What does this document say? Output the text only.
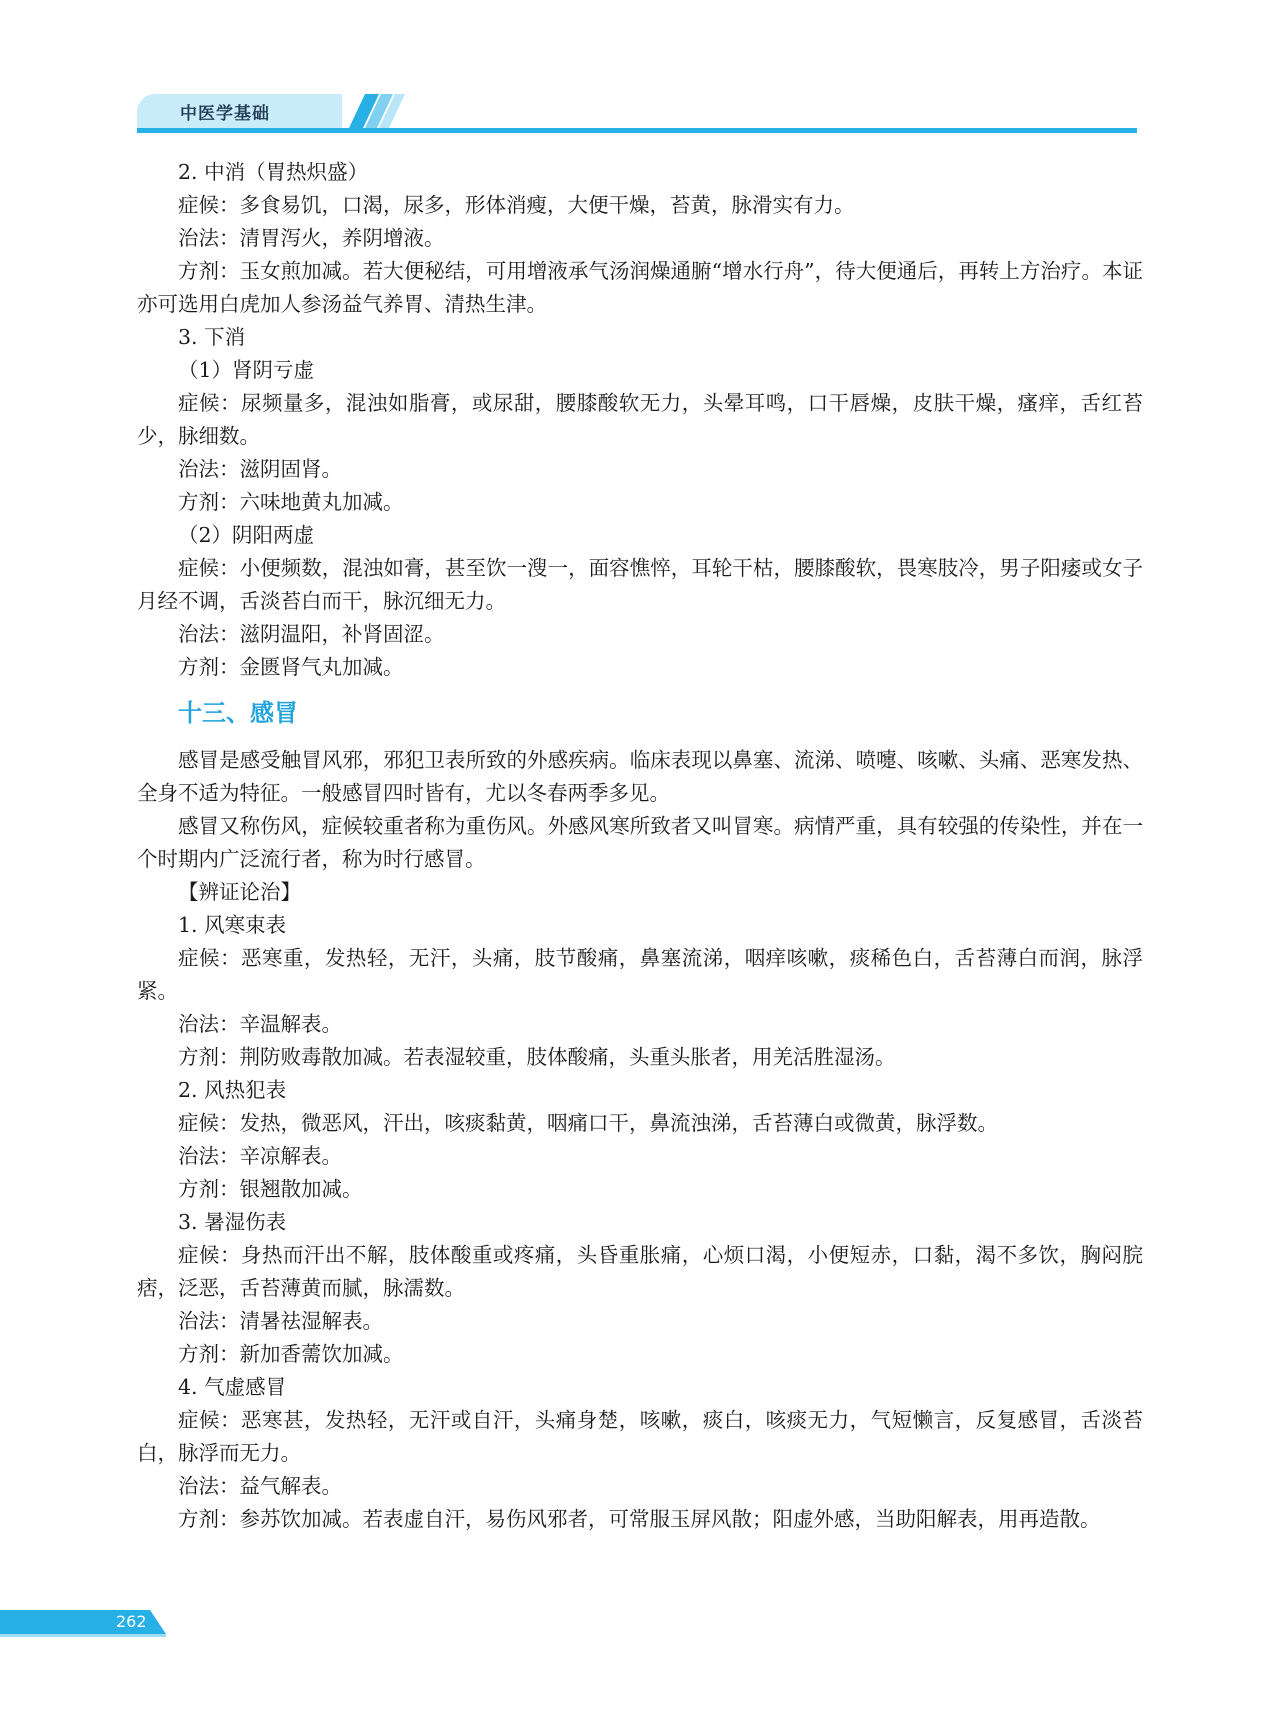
中医学基础

2. 中消（胃热炽盛）

症候：多食易饥，口渴，尿多，形体消瘦，大便干燥，苔黄，脉滑实有力。

治法：清胃泻火，养阴增液。

方剂：玉女煎加减。若大便秘结，可用增液承气汤润燥通腑“增水行舟”，待大便通后，再转上方治疗。本证亦可选用白虎加人参汤益气养胃、清热生津。

3. 下消

（1）肾阴亏虚

症候：尿频量多，混浊如脂膏，或尿甜，腰膝酸软无力，头晕耳鸣，口干唇燥，皮肤干燥，瘙痒，舌红苔少，脉细数。

治法：滋阴固肾。

方剂：六味地黄丸加减。

（2）阴阳两虚

症候：小便频数，混浊如膏，甚至饮一溲一，面容憔悴，耳轮干枯，腰膝酸软，畏寒肢冷，男子阳痿或女子月经不调，舌淡苔白而干，脉沉细无力。

治法：滋阴温阳，补肾固涩。

方剂：金匮肾气丸加减。

十三、感冒

感冒是感受触冒风邪，邪犯卫表所致的外感疾病。临床表现以鼻塞、流涕、喷嚏、咳嗽、头痛、恶寒发热、全身不适为特征。一般感冒四时皆有，尤以冬春两季多见。

感冒又称伤风，症候较重者称为重伤风。外感风寒所致者又叫冒寒。病情严重，具有较强的传染性，并在一个时期内广泛流行者，称为时行感冒。

【辨证论治】

1. 风寒束表

症候：恶寒重，发热轻，无汗，头痛，肢节酸痛，鼻塞流涕，咽痒咳嗽，痰稀色白，舌苔薄白而润，脉浮紧。

治法：辛温解表。

方剂：荆防败毒散加减。若表湿较重，肢体酸痛，头重头胀者，用羌活胜湿汤。

2. 风热犯表

症候：发热，微恶风，汗出，咳痰黏黄，咽痛口干，鼻流浊涕，舌苔薄白或微黄，脉浮数。

治法：辛凉解表。

方剂：银翘散加减。

3. 暑湿伤表

症候：身热而汗出不解，肢体酸重或疼痛，头昏重胀痛，心烦口渴，小便短赤，口黏，渴不多饮，胸闷脘痞，泛恶，舌苔薄黄而腻，脉濡数。

治法：清暑祛湿解表。

方剂：新加香薷饮加减。

4. 气虚感冒

症候：恶寒甚，发热轻，无汗或自汗，头痛身楚，咳嗽，痰白，咳痰无力，气短懒言，反复感冒，舌淡苔白，脉浮而无力。

治法：益气解表。

方剂：参苏饮加减。若表虚自汗，易伤风邪者，可常服玉屏风散；阳虚外感，当助阳解表，用再造散。

262
